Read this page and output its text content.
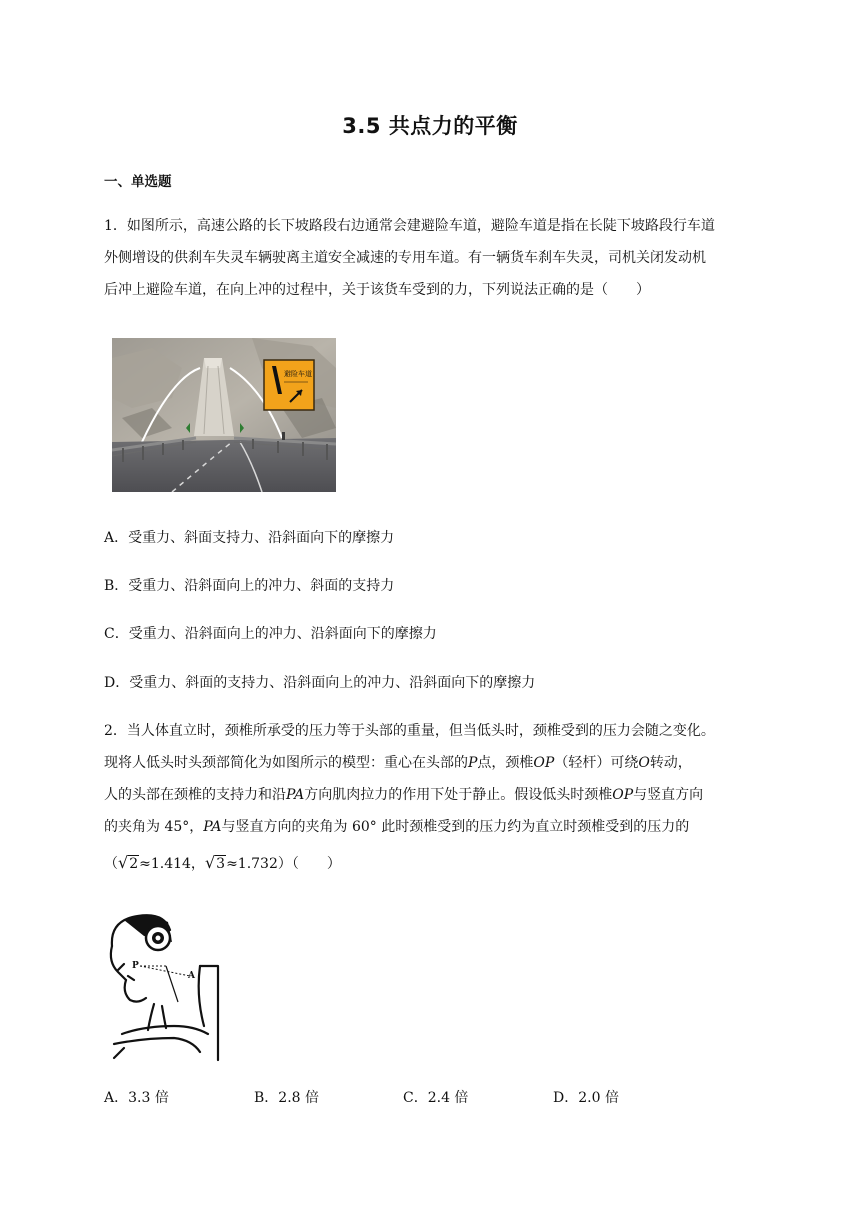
3.5 共点力的平衡
一、单选题
1．如图所示，高速公路的长下坡路段右边通常会建避险车道，避险车道是指在长陡下坡路段行车道
外侧增设的供刹车失灵车辆驶离主道安全减速的专用车道。有一辆货车刹车失灵，司机关闭发动机
后冲上避险车道，在向上冲的过程中，关于该货车受到的力，下列说法正确的是（　　）
避险车道
A．受重力、斜面支持力、沿斜面向下的摩擦力
B．受重力、沿斜面向上的冲力、斜面的支持力
C．受重力、沿斜面向上的冲力、沿斜面向下的摩擦力
D．受重力、斜面的支持力、沿斜面向上的冲力、沿斜面向下的摩擦力
2．当人体直立时，颈椎所承受的压力等于头部的重量，但当低头时，颈椎受到的压力会随之变化。
现将人低头时头颈部简化为如图所示的模型：重心在头部的P点，颈椎OP（轻杆）可绕O转动，
人的头部在颈椎的支持力和沿PA方向肌肉拉力的作用下处于静止。假设低头时颈椎OP与竖直方向
的夹角为 45°，PA与竖直方向的夹角为 60° 此时颈椎受到的压力约为直立时颈椎受到的压力的
（√2≈1.414，√3≈1.732）（　　）
P
A
A．3.3 倍	B．2.8 倍	C．2.4 倍	D．2.0 倍
